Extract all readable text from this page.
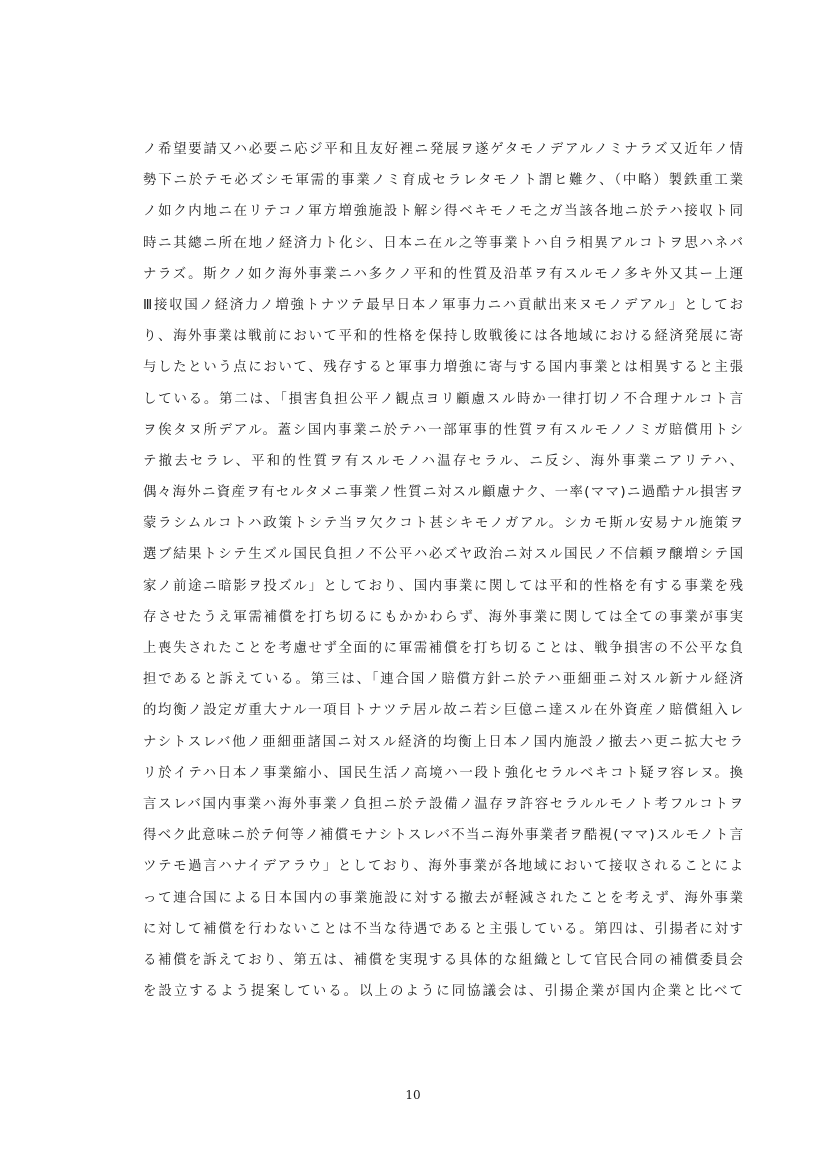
ノ希望要請又ハ必要ニ応ジ平和且友好裡ニ発展ヲ遂ゲタモノデアルノミナラズ又近年ノ情
勢下ニ於テモ必ズシモ軍需的事業ノミ育成セラレタモノト謂ヒ難ク、（中略）製鉄重工業
ノ如ク内地ニ在リテコノ軍方増強施設ト解シ得ベキモノモ之ガ当該各地ニ於テハ接収ト同
時ニ其總ニ所在地ノ経済力ト化シ、日本ニ在ル之等事業トハ自ラ相異アルコトヲ思ハネバ
ナラズ。斯クノ如ク海外事業ニハ多クノ平和的性質及沿革ヲ有スルモノ多キ外又其ー上運
Ⅲ接収国ノ経済力ノ増強トナツテ最早日本ノ軍事力ニハ貢献出来ヌモノデアル」としてお
り、海外事業は戦前において平和的性格を保持し敗戦後には各地域における経済発展に寄
与したという点において、残存すると軍事力増強に寄与する国内事業とは相異すると主張
している。第二は、「損害負担公平ノ観点ヨリ顧慮スル時か一律打切ノ不合理ナルコト言
ヲ俟タヌ所デアル。蓋シ国内事業ニ於テハ一部軍事的性質ヲ有スルモノノミガ賠償用トシ
テ撤去セラレ、平和的性質ヲ有スルモノハ温存セラル、ニ反シ、海外事業ニアリテハ、
偶々海外ニ資産ヲ有セルタメニ事業ノ性質ニ対スル顧慮ナク、一率(ママ)ニ過酷ナル損害ヲ
蒙ラシムルコトハ政策トシテ当ヲ欠クコト甚シキモノガアル。シカモ斯ル安易ナル施策ヲ
選ブ結果トシテ生ズル国民負担ノ不公平ハ必ズヤ政治ニ対スル国民ノ不信頼ヲ醸増シテ国
家ノ前途ニ暗影ヲ投ズル」としており、国内事業に関しては平和的性格を有する事業を残
存させたうえ軍需補償を打ち切るにもかかわらず、海外事業に関しては全ての事業が事実
上喪失されたことを考慮せず全面的に軍需補償を打ち切ることは、戦争損害の不公平な負
担であると訴えている。第三は、「連合国ノ賠償方針ニ於テハ亜細亜ニ対スル新ナル経済
的均衡ノ設定ガ重大ナル一項目トナツテ居ル故ニ若シ巨億ニ達スル在外資産ノ賠償組入レ
ナシトスレバ他ノ亜細亜諸国ニ対スル経済的均衡上日本ノ国内施設ノ撤去ハ更ニ拡大セラ
リ於イテハ日本ノ事業縮小、国民生活ノ高境ハ一段ト強化セラルベキコト疑ヲ容レヌ。換
言スレバ国内事業ハ海外事業ノ負担ニ於テ設備ノ温存ヲ許容セラルルモノト考フルコトヲ
得ベク此意味ニ於テ何等ノ補償モナシトスレバ不当ニ海外事業者ヲ酷視(ママ)スルモノト言
ツテモ過言ハナイデアラウ」としており、海外事業が各地域において接収されることによ
って連合国による日本国内の事業施設に対する撤去が軽減されたことを考えず、海外事業
に対して補償を行わないことは不当な待遇であると主張している。第四は、引揚者に対す
る補償を訴えており、第五は、補償を実現する具体的な組織として官民合同の補償委員会
を設立するよう提案している。以上のように同協議会は、引揚企業が国内企業と比べて
10
